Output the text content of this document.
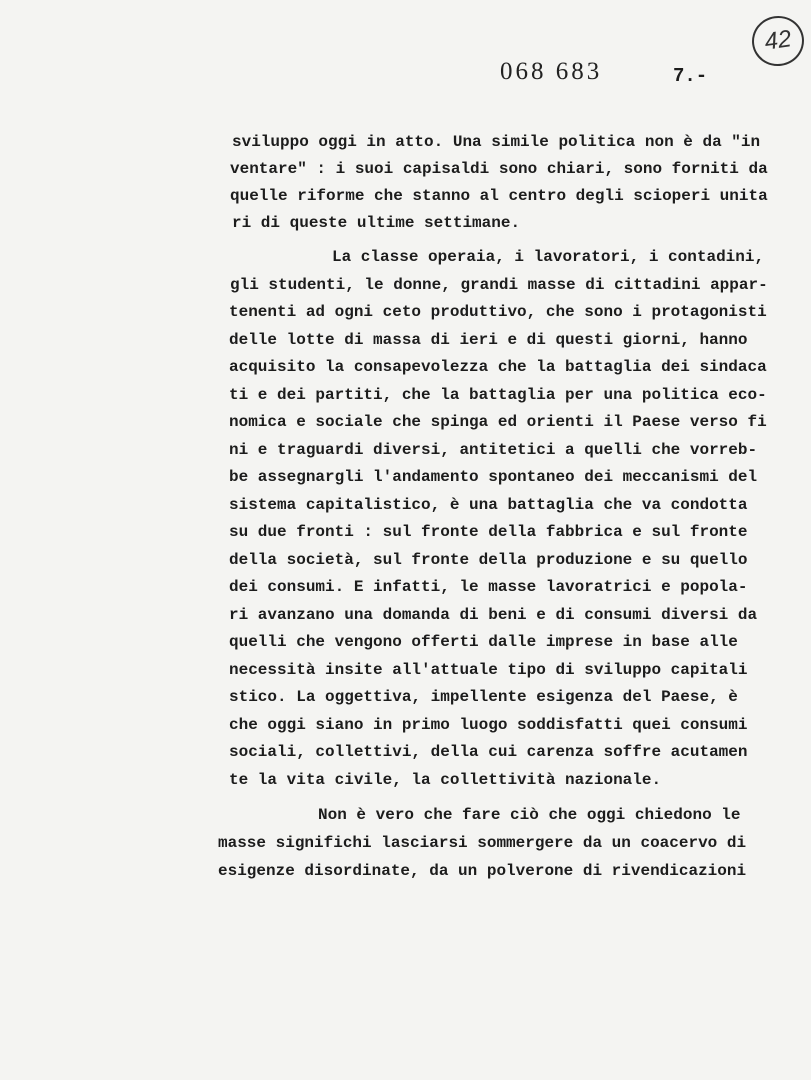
42
068 683	7.-
sviluppo oggi in atto. Una simile politica non è da "in
ventare" : i suoi capisaldi sono chiari, sono forniti da
quelle riforme che stanno al centro degli scioperi unita
ri di queste ultime settimane.
La classe operaia, i lavoratori, i contadini,
gli studenti, le donne, grandi masse di cittadini appar-
tenenti ad ogni ceto produttivo, che sono i protagonisti
delle lotte di massa di ieri e di questi giorni, hanno
acquisito la consapevolezza che la battaglia dei sindaca
ti e dei partiti, che la battaglia per una politica eco-
nomica e sociale che spinga ed orienti il Paese verso fi
ni e traguardi diversi, antitetici a quelli che vorreb-
be assegnargli l'andamento spontaneo dei meccanismi del
sistema capitalistico, è una battaglia che va condotta
su due fronti : sul fronte della fabbrica e sul fronte
della società, sul fronte della produzione e su quello
dei consumi. E infatti, le masse lavoratrici e popola-
ri avanzano una domanda di beni e di consumi diversi da
quelli che vengono offerti dalle imprese in base alle
necessità insite all'attuale tipo di sviluppo capitali
stico. La oggettiva, impellente esigenza del Paese, è
che oggi siano in primo luogo soddisfatti quei consumi
sociali, collettivi, della cui carenza soffre acutamen
te la vita civile, la collettività nazionale.
Non è vero che fare ciò che oggi chiedono le
masse significhi lasciarsi sommergere da un coacervo di
esigenze disordinate, da un polverone di rivendicazioni
